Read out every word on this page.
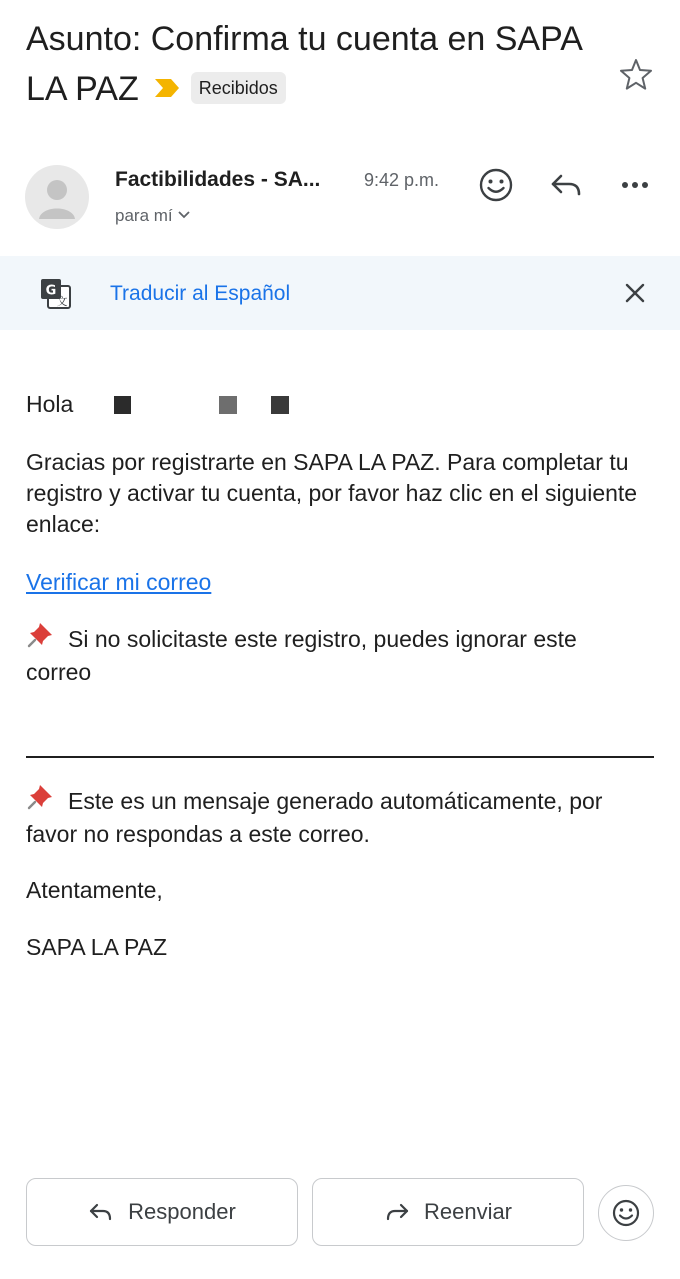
Asunto: Confirma tu cuenta en SAPA LA PAZ	Recibidos
Factibilidades - SA...	9:42 p.m.
para mí
G
文 Traducir al Español
Hola
Gracias por registrarte en SAPA LA PAZ. Para completar tu registro y activar tu cuenta, por favor haz clic en el siguiente enlace:
Verificar mi correo
Si no solicitaste este registro, puedes ignorar este correo
Este es un mensaje generado automáticamente, por favor no respondas a este correo.
Atentamente,
SAPA LA PAZ
Responder	Reenviar
